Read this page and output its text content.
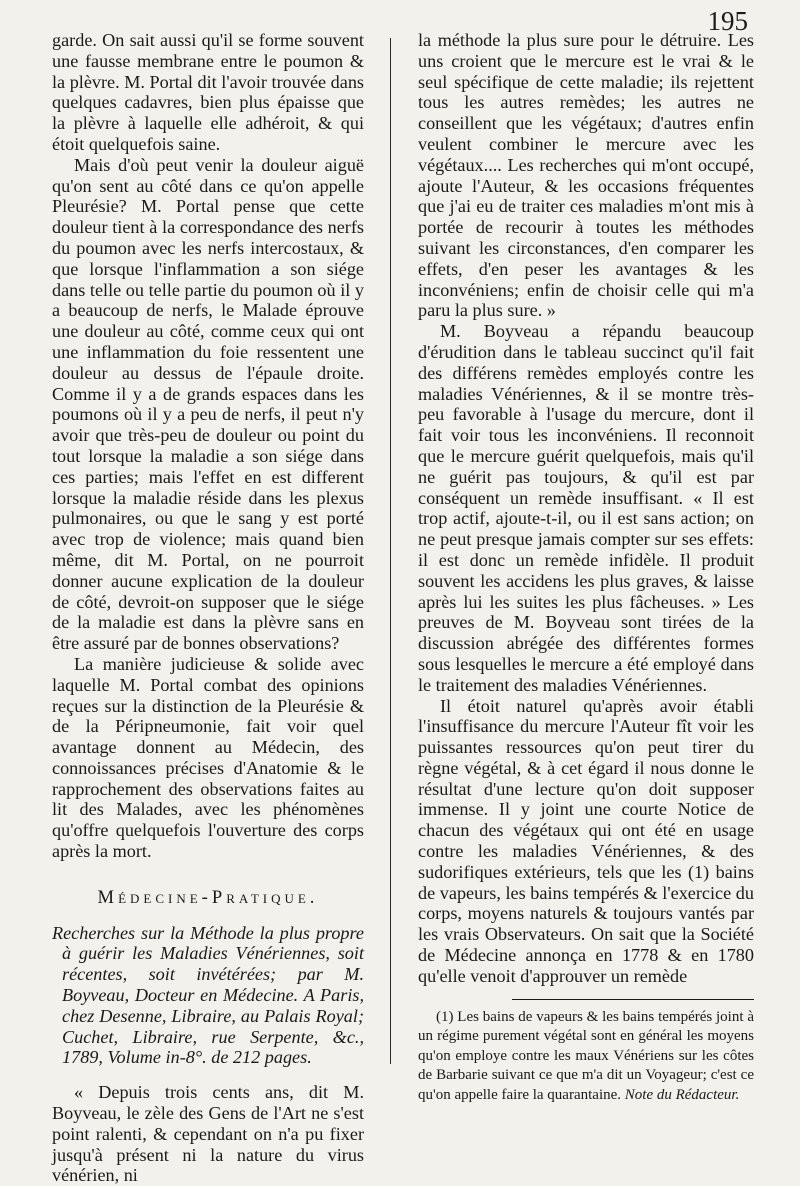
195

garde. On sait aussi qu'il se forme souvent une fausse membrane entre le poumon & la plèvre. M. Portal dit l'avoir trouvée dans quelques cadavres, bien plus épaisse que la plèvre à laquelle elle adhéroit, & qui étoit quelquefois saine.

Mais d'où peut venir la douleur aiguë qu'on sent au côté dans ce qu'on appelle Pleurésie? M. Portal pense que cette douleur tient à la correspondance des nerfs du poumon avec les nerfs intercostaux, & que lorsque l'inflammation a son siége dans telle ou telle partie du poumon où il y a beaucoup de nerfs, le Malade éprouve une douleur au côté, comme ceux qui ont une inflammation du foie ressentent une douleur au dessus de l'épaule droite. Comme il y a de grands espaces dans les poumons où il y a peu de nerfs, il peut n'y avoir que très-peu de douleur ou point du tout lorsque la maladie a son siége dans ces parties; mais l'effet en est different lorsque la maladie réside dans les plexus pulmonaires, ou que le sang y est porté avec trop de violence; mais quand bien même, dit M. Portal, on ne pourroit donner aucune explication de la douleur de côté, devroit-on supposer que le siége de la maladie est dans la plèvre sans en être assuré par de bonnes observations?

La manière judicieuse & solide avec laquelle M. Portal combat des opinions reçues sur la distinction de la Pleurésie & de la Péripneumonie, fait voir quel avantage donnent au Médecin, des connoissances précises d'Anatomie & le rapprochement des observations faites au lit des Malades, avec les phénomènes qu'offre quelquefois l'ouverture des corps après la mort.

Médecine-Pratique.

Recherches sur la Méthode la plus propre à guérir les Maladies Vénériennes, soit récentes, soit invétérées; par M. Boyveau, Docteur en Médecine. A Paris, chez Desenne, Libraire, au Palais Royal; Cuchet, Libraire, rue Serpente, &c., 1789, Volume in-8°. de 212 pages.

« Depuis trois cents ans, dit M. Boyveau, le zèle des Gens de l'Art ne s'est point ralenti, & cependant on n'a pu fixer jusqu'à présent ni la nature du virus vénérien, ni

la méthode la plus sure pour le détruire. Les uns croient que le mercure est le vrai & le seul spécifique de cette maladie; ils rejettent tous les autres remèdes; les autres ne conseillent que les végétaux; d'autres enfin veulent combiner le mercure avec les végétaux.... Les recherches qui m'ont occupé, ajoute l'Auteur, & les occasions fréquentes que j'ai eu de traiter ces maladies m'ont mis à portée de recourir à toutes les méthodes suivant les circonstances, d'en comparer les effets, d'en peser les avantages & les inconvéniens; enfin de choisir celle qui m'a paru la plus sure. »

M. Boyveau a répandu beaucoup d'érudition dans le tableau succinct qu'il fait des différens remèdes employés contre les maladies Vénériennes, & il se montre très-peu favorable à l'usage du mercure, dont il fait voir tous les inconvéniens. Il reconnoit que le mercure guérit quelquefois, mais qu'il ne guérit pas toujours, & qu'il est par conséquent un remède insuffisant. « Il est trop actif, ajoute-t-il, ou il est sans action; on ne peut presque jamais compter sur ses effets: il est donc un remède infidèle. Il produit souvent les accidens les plus graves, & laisse après lui les suites les plus fâcheuses. » Les preuves de M. Boyveau sont tirées de la discussion abrégée des différentes formes sous lesquelles le mercure a été employé dans le traitement des maladies Vénériennes.

Il étoit naturel qu'après avoir établi l'insuffisance du mercure l'Auteur fît voir les puissantes ressources qu'on peut tirer du règne végétal, & à cet égard il nous donne le résultat d'une lecture qu'on doit supposer immense. Il y joint une courte Notice de chacun des végétaux qui ont été en usage contre les maladies Vénériennes, & des sudorifiques extérieurs, tels que les (1) bains de vapeurs, les bains tempérés & l'exercice du corps, moyens naturels & toujours vantés par les vrais Observateurs. On sait que la Société de Médecine annonça en 1778 & en 1780 qu'elle venoit d'approuver un remède

(1) Les bains de vapeurs & les bains tempérés joint à un régime purement végétal sont en général les moyens qu'on employe contre les maux Vénériens sur les côtes de Barbarie suivant ce que m'a dit un Voyageur; c'est ce qu'on appelle faire la quarantaine. Note du Rédacteur.
